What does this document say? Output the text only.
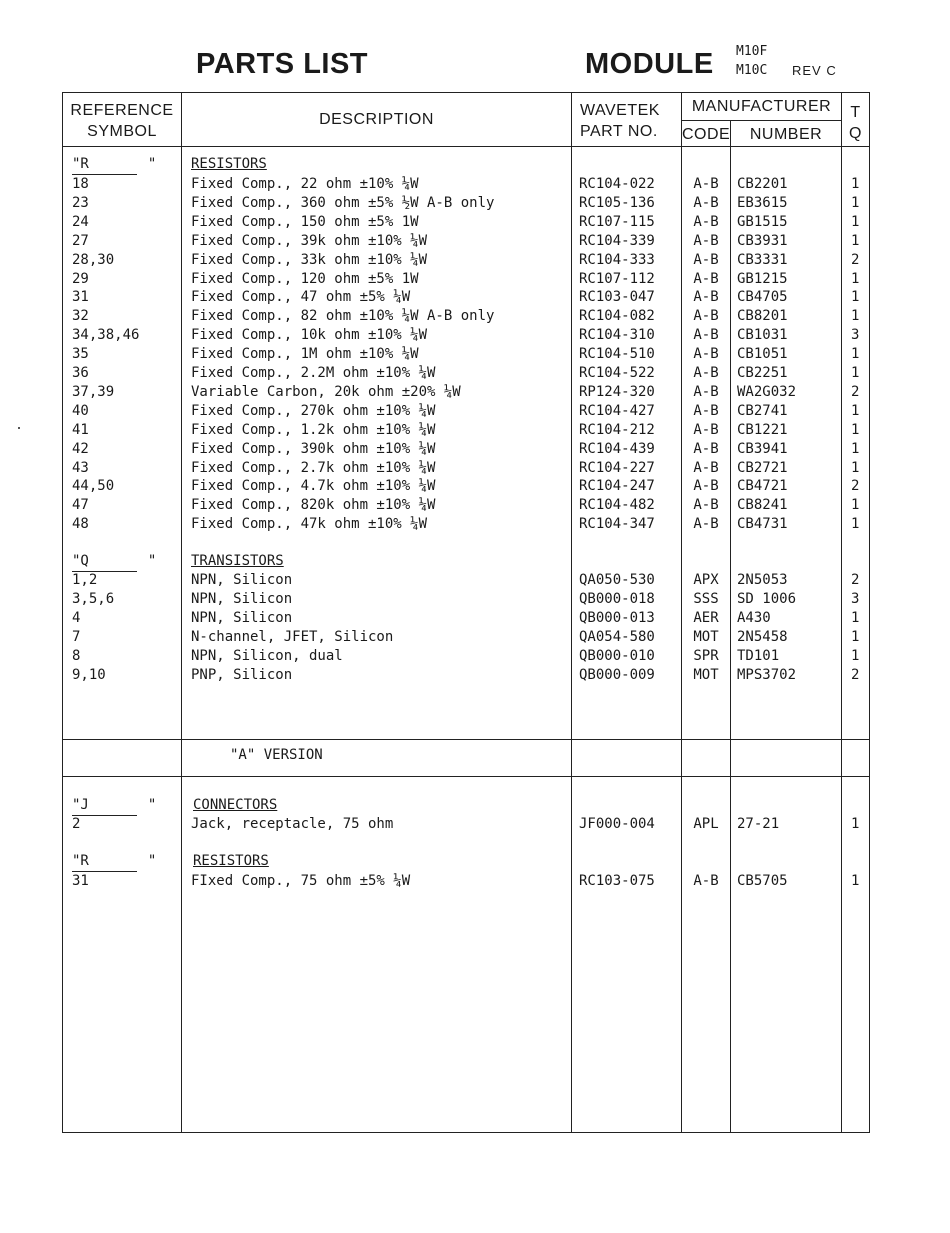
PARTS LIST	MODULE M10F
M10C REV C
REFERENCE
SYMBOL
DESCRIPTION
WAVETEK
PART NO.
MANUFACTURER
CODE	NUMBER
T
Q
"R       " RESISTORS
18	Fixed Comp., 22 ohm ±10% ¼W	RC104-022	A-B	CB2201	1
23	Fixed Comp., 360 ohm ±5% ½W A-B only	RC105-136	A-B	EB3615	1
24	Fixed Comp., 150 ohm ±5% 1W	RC107-115	A-B	GB1515	1
27	Fixed Comp., 39k ohm ±10% ¼W	RC104-339	A-B	CB3931	1
28,30	Fixed Comp., 33k ohm ±10% ¼W	RC104-333	A-B	CB3331	2
29	Fixed Comp., 120 ohm ±5% 1W	RC107-112	A-B	GB1215	1
31	Fixed Comp., 47 ohm ±5% ¼W	RC103-047	A-B	CB4705	1
32	Fixed Comp., 82 ohm ±10% ¼W A-B only	RC104-082	A-B	CB8201	1
34,38,46	Fixed Comp., 10k ohm ±10% ¼W	RC104-310	A-B	CB1031	3
35	Fixed Comp., 1M ohm ±10% ¼W	RC104-510	A-B	CB1051	1
36	Fixed Comp., 2.2M ohm ±10% ¼W	RC104-522	A-B	CB2251	1
37,39	Variable Carbon, 20k ohm ±20% ¼W	RP124-320	A-B	WA2G032	2
40	Fixed Comp., 270k ohm ±10% ¼W	RC104-427	A-B	CB2741	1
41	Fixed Comp., 1.2k ohm ±10% ¼W	RC104-212	A-B	CB1221	1
42	Fixed Comp., 390k ohm ±10% ¼W	RC104-439	A-B	CB3941	1
43	Fixed Comp., 2.7k ohm ±10% ¼W	RC104-227	A-B	CB2721	1
44,50	Fixed Comp., 4.7k ohm ±10% ¼W	RC104-247	A-B	CB4721	2
47	Fixed Comp., 820k ohm ±10% ¼W	RC104-482	A-B	CB8241	1
48	Fixed Comp., 47k ohm ±10% ¼W	RC104-347	A-B	CB4731	1
"Q       " TRANSISTORS
1,2	NPN, Silicon	QA050-530	APX	2N5053	2
3,5,6	NPN, Silicon	QB000-018	SSS	SD 1006	3
4	NPN, Silicon	QB000-013	AER	A430	1
7	N-channel, JFET, Silicon	QA054-580	MOT	2N5458	1
8	NPN, Silicon, dual	QB000-010	SPR	TD101	1
9,10	PNP, Silicon	QB000-009	MOT	MPS3702	2
"A" VERSION
"J       "	CONNECTORS
2	Jack, receptacle, 75 ohm	JF000-004	APL	27-21	1
"R       "	RESISTORS
31	FIxed Comp., 75 ohm ±5% ¼W	RC103-075	A-B	CB5705	1
